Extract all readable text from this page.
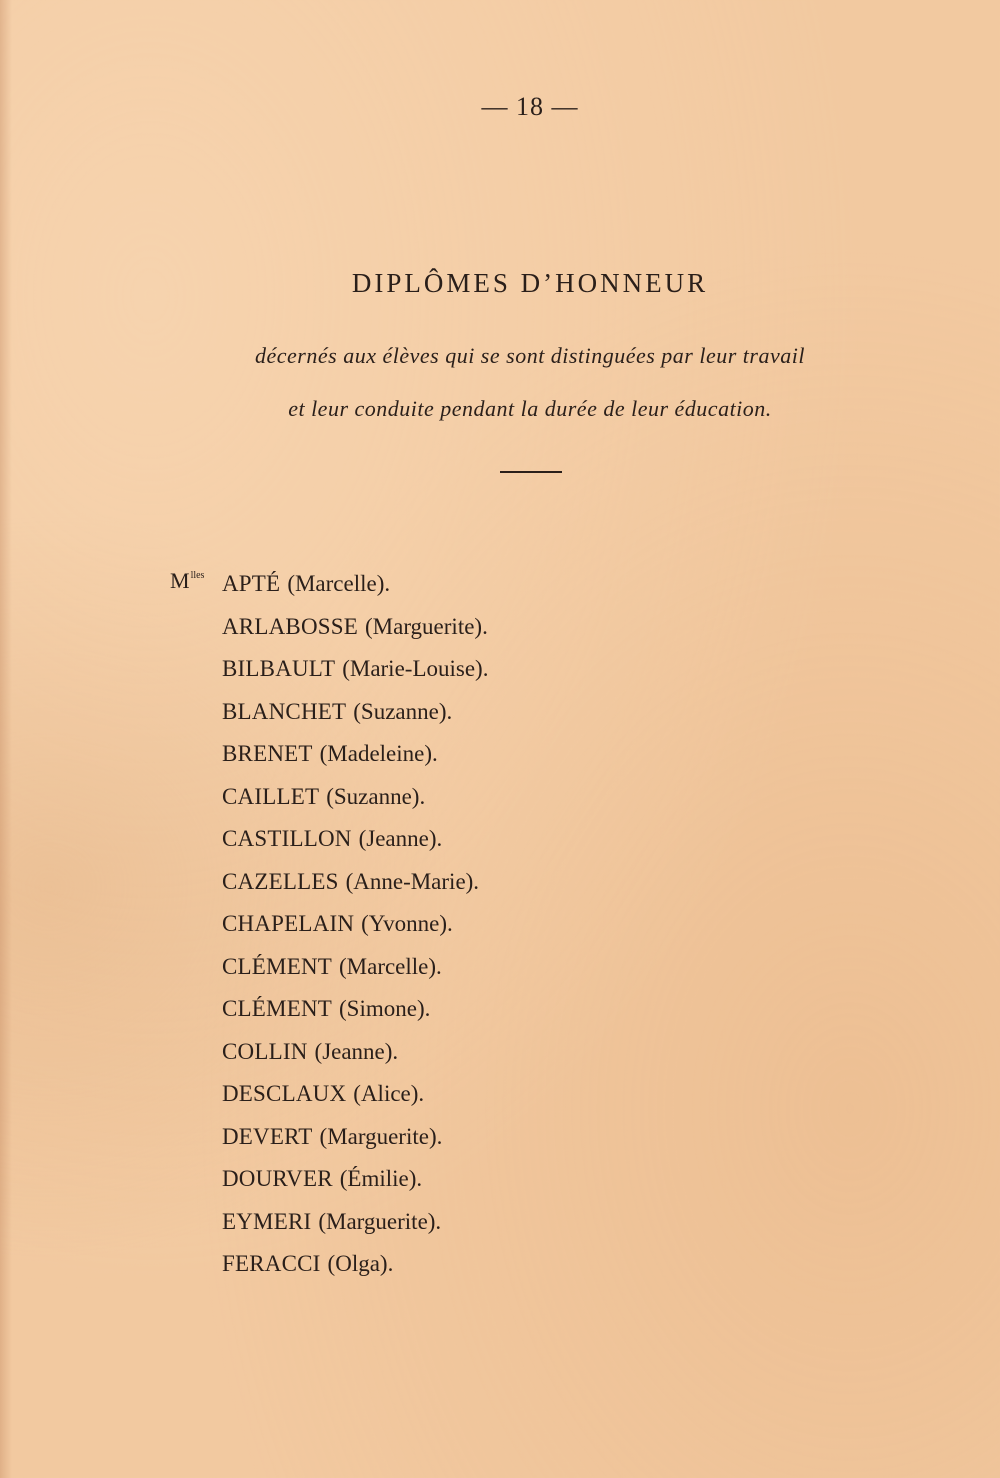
— 18 —
DIPLÔMES D’HONNEUR
décernés aux élèves qui se sont distinguées par leur travail
et leur conduite pendant la durée de leur éducation.
$M^{lles}$ APTÉ (Marcelle).
ARLABOSSE (Marguerite).
BILBAULT (Marie-Louise).
BLANCHET (Suzanne).
BRENET (Madeleine).
CAILLET (Suzanne).
CASTILLON (Jeanne).
CAZELLES (Anne-Marie).
CHAPELAIN (Yvonne).
CLÉMENT (Marcelle).
CLÉMENT (Simone).
COLLIN (Jeanne).
DESCLAUX (Alice).
DEVERT (Marguerite).
DOURVER (Émilie).
EYMERI (Marguerite).
FERACCI (Olga).
